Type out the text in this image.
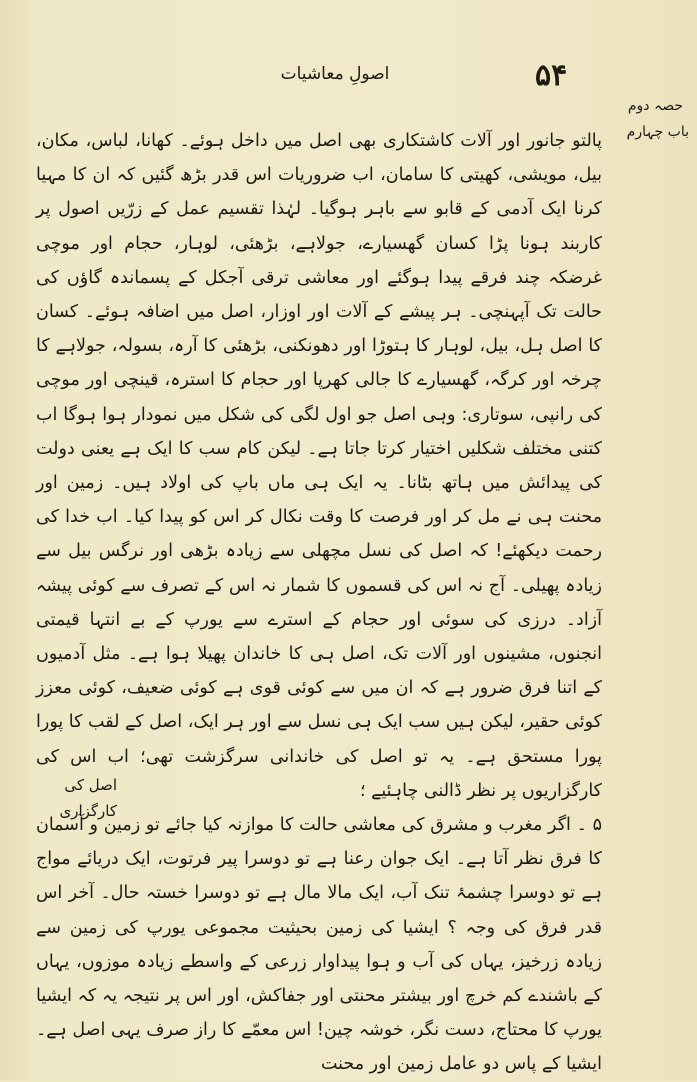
۵۴
اصولِ معاشیات
حصہ دوم
باب چہارم
اصل کی کارگزاری

پالتو جانور اور آلات کاشتکاری بھی اصل میں داخل ہوئے۔ کھانا، لباس، مکان، بیل، مویشی، کھیتی کا سامان، اب ضروریات اس قدر بڑھ گئیں کہ ان کا مہیا کرنا ایک آدمی کے قابو سے باہر ہوگیا۔ لہٰذا تقسیم عمل کے زرّیں اصول پر کاربند ہونا پڑا کسان گھسیارے، جولاہے، بڑھئی، لوہار، حجام اور موچی غرضکہ چند فرقے پیدا ہوگئے اور معاشی ترقی آجکل کے پسماندہ گاؤں کی حالت تک آپہنچی۔ ہر پیشے کے آلات اور اوزار، اصل میں اضافہ ہوئے۔ کسان کا اصل ہل، بیل، لوہار کا ہتوڑا اور دھونکنی، بڑھئی کا آرہ، بسولہ، جولاہے کا چرخہ اور کرگہ، گھسیارے کا جالی کھرپا اور حجام کا استرہ، قینچی اور موچی کی رانپی، سوتاری: وہی اصل جو اول لگی کی شکل میں نمودار ہوا ہوگا اب کتنی مختلف شکلیں اختیار کرتا جاتا ہے۔ لیکن کام سب کا ایک ہے یعنی دولت کی پیدائش میں ہاتھ بٹانا۔ یہ ایک ہی ماں باپ کی اولاد ہیں۔ زمین اور محنت ہی نے مل کر اور فرصت کا وقت نکال کر اس کو پیدا کیا۔ اب خدا کی رحمت دیکھئے! کہ اصل کی نسل مچھلی سے زیادہ بڑھی اور نرگس بیل سے زیادہ پھیلی۔ آج نہ اس کی قسموں کا شمار نہ اس کے تصرف سے کوئی پیشہ آزاد۔ درزی کی سوئی اور حجام کے استرے سے یورپ کے بے انتہا قیمتی انجنوں، مشینوں اور آلات تک، اصل ہی کا خاندان پھیلا ہوا ہے۔ مثل آدمیوں کے اتنا فرق ضرور ہے کہ ان میں سے کوئی قوی ہے کوئی ضعیف، کوئی معزز کوئی حقیر، لیکن ہیں سب ایک ہی نسل سے اور ہر ایک، اصل کے لقب کا پورا پورا مستحق ہے۔ یہ تو اصل کی خاندانی سرگزشت تھی؛ اب اس کی کارگزاریوں پر نظر ڈالنی چاہئیے ؛

۵ ۔ اگر مغرب و مشرق کی معاشی حالت کا موازنہ کیا جائے تو زمین و آسمان کا فرق نظر آتا ہے۔ ایک جوان رعنا ہے تو دوسرا پیر فرتوت، ایک دریائے مواج ہے تو دوسرا چشمۂ تنک آب، ایک مالا مال ہے تو دوسرا خستہ حال۔ آخر اس قدر فرق کی وجہ ؟ ایشیا کی زمین بحیثیت مجموعی یورپ کی زمین سے زیادہ زرخیز، یہاں کی آب و ہوا پیداوار زرعی کے واسطے زیادہ موزوں، یہاں کے باشندے کم خرچ اور بیشتر محنتی اور جفاکش، اور اس پر نتیجہ یہ کہ ایشیا یورپ کا محتاج، دست نگر، خوشہ چین! اس معمّے کا راز صرف یہی اصل ہے۔ ایشیا کے پاس دو عامل زمین اور محنت
